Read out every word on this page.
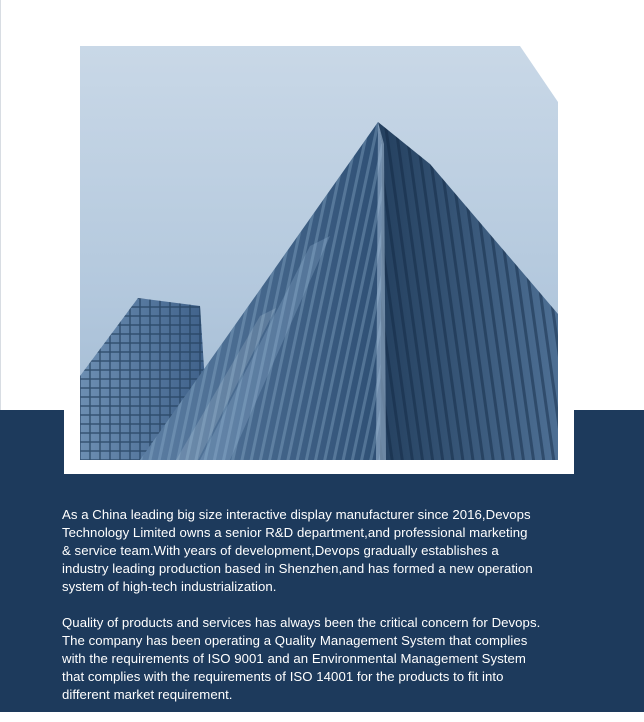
As a China leading big size interactive display manufacturer since 2016,Devops
Technology Limited owns a senior R&D department,and professional marketing
& service team.With years of development,Devops gradually establishes a
industry leading production based in Shenzhen,and has formed a new operation
system of high-tech industrialization.

Quality of products and services has always been the critical concern for Devops.
The company has been operating a Quality Management System that complies
with the requirements of ISO 9001 and an Environmental Management System
that complies with the requirements of ISO 14001 for the products to fit into
different market requirement.
